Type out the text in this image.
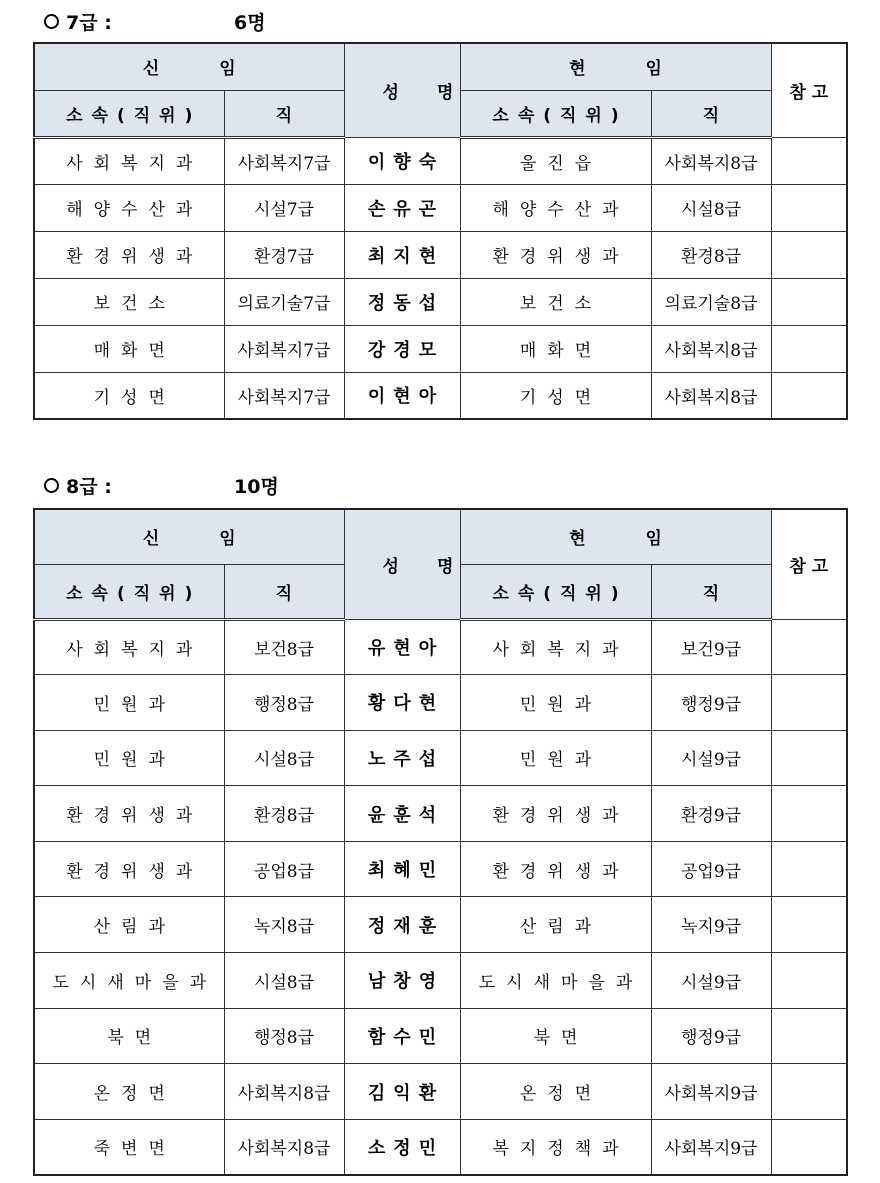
7급 :	6명
신임		성명	현임		참고
소속(직위)	직		소속(직위)	직	
사회복지과	사회복지7급	이향숙	울진읍	사회복지8급	
해양수산과	시설7급	손유곤	해양수산과	시설8급	
환경위생과	환경7급	최지현	환경위생과	환경8급	
보건소	의료기술7급	정동섭	보건소	의료기술8급	
매화면	사회복지7급	강경모	매화면	사회복지8급	
기성면	사회복지7급	이현아	기성면	사회복지8급	
8급 :	10명
신임		성명	현임		참고
소속(직위)	직		소속(직위)	직	
사회복지과	보건8급	유현아	사회복지과	보건9급	
민원과	행정8급	황다현	민원과	행정9급	
민원과	시설8급	노주섭	민원과	시설9급	
환경위생과	환경8급	윤훈석	환경위생과	환경9급	
환경위생과	공업8급	최혜민	환경위생과	공업9급	
산림과	녹지8급	정재훈	산림과	녹지9급	
도시새마을과	시설8급	남창영	도시새마을과	시설9급	
북면	행정8급	함수민	북면	행정9급	
온정면	사회복지8급	김익환	온정면	사회복지9급	
죽변면	사회복지8급	소정민	복지정책과	사회복지9급	
